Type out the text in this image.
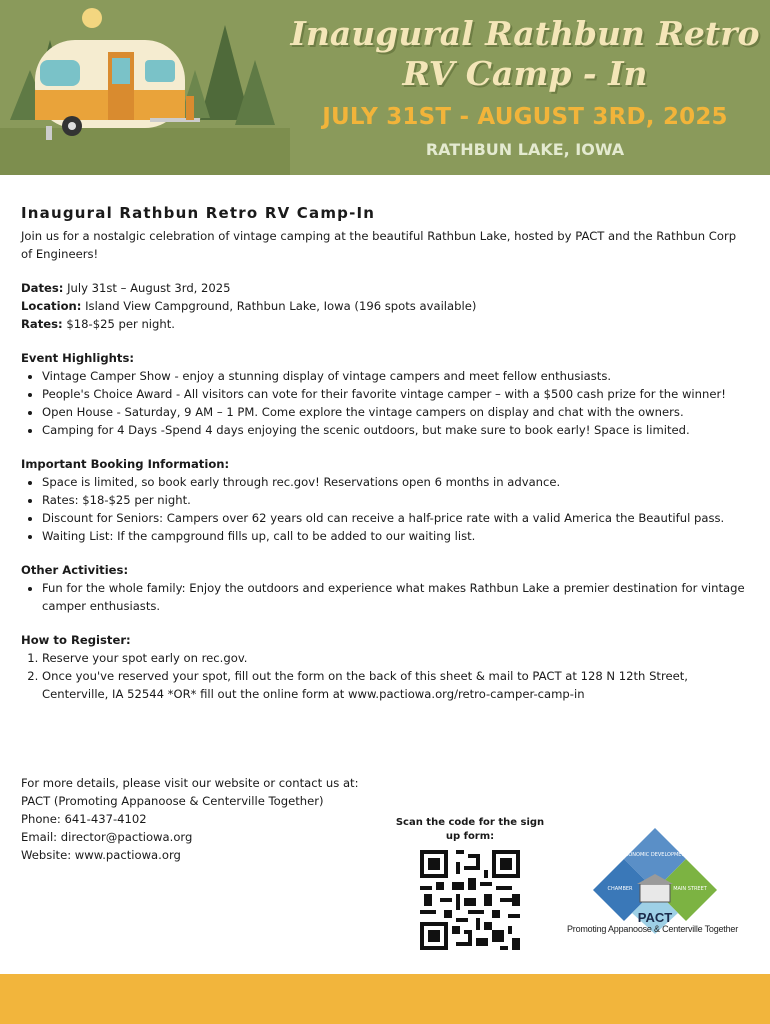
Inaugural Rathbun Retro
RV Camp - In
JULY 31ST - AUGUST 3RD, 2025
RATHBUN LAKE, IOWA
Inaugural Rathbun Retro RV Camp-In

Join us for a nostalgic celebration of vintage camping at the beautiful Rathbun Lake, hosted by PACT and the Rathbun Corp of Engineers!

Dates: July 31st – August 3rd, 2025
Location: Island View Campground, Rathbun Lake, Iowa (196 spots available)
Rates: $18-$25 per night.

Event Highlights:

• Vintage Camper Show - enjoy a stunning display of vintage campers and meet fellow enthusiasts.
• People's Choice Award - All visitors can vote for their favorite vintage camper – with a $500 cash prize for the winner!
• Open House - Saturday, 9 AM – 1 PM. Come explore the vintage campers on display and chat with the owners.
• Camping for 4 Days -Spend 4 days enjoying the scenic outdoors, but make sure to book early! Space is limited.

Important Booking Information:

• Space is limited, so book early through rec.gov! Reservations open 6 months in advance.
• Rates: $18-$25 per night.
• Discount for Seniors: Campers over 62 years old can receive a half-price rate with a valid America the Beautiful pass.
• Waiting List: If the campground fills up, call to be added to our waiting list.

Other Activities:

• Fun for the whole family: Enjoy the outdoors and experience what makes Rathbun Lake a premier destination for vintage camper enthusiasts.

How to Register:

1. Reserve your spot early on rec.gov.
2. Once you've reserved your spot, fill out the form on the back of this sheet & mail to PACT at 128 N 12th Street, Centerville, IA 52544 *OR* fill out the online form at www.pactiowa.org/retro-camper-camp-in
For more details, please visit our website or contact us at:
PACT (Promoting Appanoose & Centerville Together)
Phone: 641-437-4102
Email: director@pactiowa.org
Website: www.pactiowa.org
Scan the code for the sign up form:
ECONOMIC DEVELOPMENT
CHAMBER	MAIN STREET
PACT
Promoting Appanoose & Centerville Together
